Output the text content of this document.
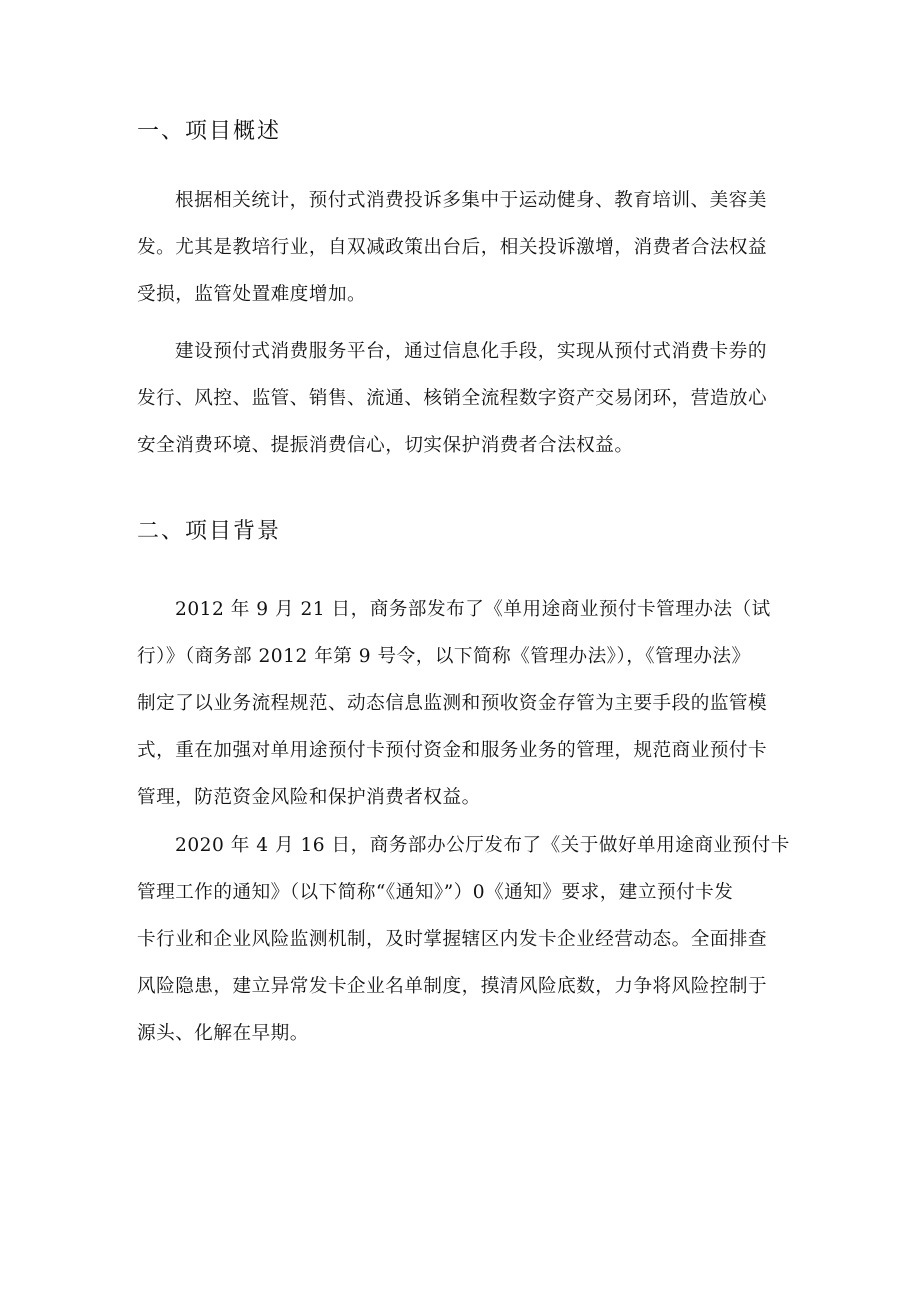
一、项目概述

根据相关统计，预付式消费投诉多集中于运动健身、教育培训、美容美
发。尤其是教培行业，自双减政策出台后，相关投诉激增，消费者合法权益
受损，监管处置难度增加。

建设预付式消费服务平台，通过信息化手段，实现从预付式消费卡券的
发行、风控、监管、销售、流通、核销全流程数字资产交易闭环，营造放心
安全消费环境、提振消费信心，切实保护消费者合法权益。

二、项目背景

2012 年 9 月 21 日，商务部发布了《单用途商业预付卡管理办法（试
行）》（商务部 2012 年第 9 号令，以下简称《管理办法》），《管理办法》
制定了以业务流程规范、动态信息监测和预收资金存管为主要手段的监管模
式，重在加强对单用途预付卡预付资金和服务业务的管理，规范商业预付卡
管理，防范资金风险和保护消费者权益。

2020 年 4 月 16 日，商务部办公厅发布了《关于做好单用途商业预付卡
管理工作的通知》（以下简称“《通知》”）0《通知》要求，建立预付卡发
卡行业和企业风险监测机制，及时掌握辖区内发卡企业经营动态。全面排查
风险隐患，建立异常发卡企业名单制度，摸清风险底数，力争将风险控制于
源头、化解在早期。
